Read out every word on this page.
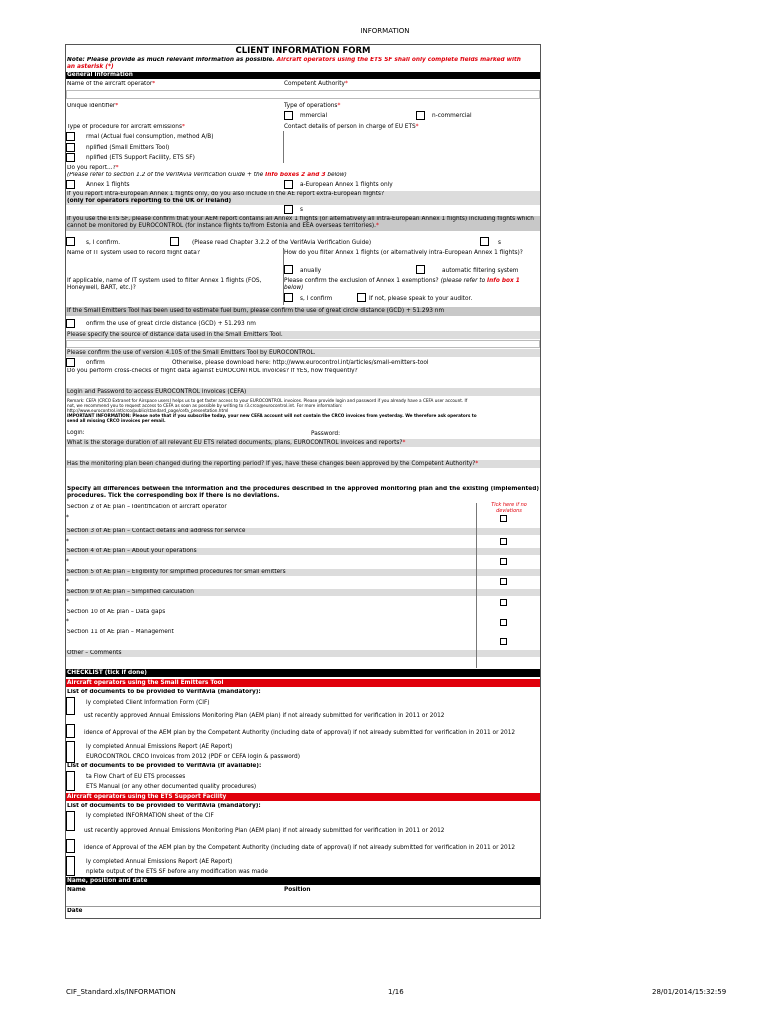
INFORMATION
CLIENT INFORMATION FORM
Note: Please provide as much relevant information as possible. Aircraft operators using the ETS SF shall only complete fields marked with
an asterisk (*)
General information
Name of the aircraft operator*	Competent Authority*
Unique identifier*	Type of operations*
mmercial	n-commercial
Type of procedure for aircraft emissions*	Contact details of person in charge of EU ETS*
rmal (Actual fuel consumption, method A/B)
nplified (Small Emitters Tool)
nplified (ETS Support Facility, ETS SF)
Do you report...?*
(Please refer to section 1.2 of the VerifAvia Verification Guide + the Info boxes 2 and 3 below)
Annex 1 flights	a-European Annex 1 flights only
If you report intra-European Annex 1 flights only, do you also include in the AE report extra-European flights?
(only for operators reporting to the UK or Ireland)
s
If you use the ETS SF, please confirm that your AEM report contains all Annex 1 flights (or alternatively all intra-European Annex 1 flights) including flights which cannot be monitored by EUROCONTROL (for instance flights to/from Estonia and EEA overseas territories).*
s, I confirm.	(Please read Chapter 3.2.2 of the VerifAvia Verification Guide)	s
Name of IT system used to record flight data?	How do you filter Annex 1 flights (or alternatively intra-European Annex 1 flights)?
anually	automatic filtering system
If applicable, name of IT system used to filter Annex 1 flights (FOS, Honeywell, BART, etc.)?
Please confirm the exclusion of Annex 1 exemptions? (please refer to Info box 1
below)
s, I confirm	If not, please speak to your auditor.
If the Small Emitters Tool has been used to estimate fuel burn, please confirm the use of great circle distance (GCD) + 51.293 nm
onfirm the use of great circle distance (GCD) + 51.293 nm
Please specify the source of distance data used in the Small Emitters Tool.
Please confirm the use of version 4.105 of the Small Emitters Tool by EUROCONTROL.
onfirm	Otherwise, please download here: http://www.eurocontrol.int/articles/small-emitters-tool
Do you perform cross-checks of flight data against EUROCONTROL invoices? If YES, how frequently?
Login and Password to access EUROCONTROL invoices (CEFA)
Remark: CEFA (CRCO Extranet for Airspace users) helps us to get faster access to your EUROCONTROL invoices. Please provide login and password if you already have a CEFA user account. If
not, we recommend you to request access to CEFA as soon as possible by writing to r3.crco@eurocontrol.int. For more information:
http://www.eurocontrol.int/crco/public/standard_page/cefa_presentation.html
IMPORTANT INFORMATION: Please note that if you subscribe today, your new CEFA account will not contain the CRCO invoices from yesterday. We therefore ask operators to
send all missing CRCO invoices per email.
Login:	Password:
What is the storage duration of all relevant EU ETS related documents, plans, EUROCONTROL invoices and reports?*
Has the monitoring plan been changed during the reporting period? If yes, have these changes been approved by the Competent Authority?*
Specify all differences between the information and the procedures described in the approved monitoring plan and the existing (implemented) procedures. Tick the corresponding box if there is no deviations.
Tick here if no
deviations
Section 2 of AE plan – Identification of aircraft operator
*
Section 3 of AE plan – Contact details and address for service
*
Section 4 of AE plan – About your operations
*
Section 5 of AE plan – Eligibility for simplified procedures for small emitters
*
Section 9 of AE plan – Simplified calculation
*
Section 10 of AE plan – Data gaps
*
Section 11 of AE plan – Management
Other – Comments
CHECKLIST (tick if done)
Aircraft operators using the Small Emitters Tool
List of documents to be provided to VerifAvia (mandatory):
ly completed Client Information Form (CIF)
ust recently approved Annual Emissions Monitoring Plan (AEM plan) if not already submitted for verification in 2011 or 2012
idence of Approval of the AEM plan by the Competent Authority (including date of approval) if not already submitted for verification in 2011 or 2012
ly completed Annual Emissions Report (AE Report)
EUROCONTROL CRCO Invoices from 2012 (PDF or CEFA login & password)
List of documents to be provided to VerifAvia (if available):
ta Flow Chart of EU ETS processes
ETS Manual (or any other documented quality procedures)
Aircraft operators using the ETS Support Facility
List of documents to be provided to VerifAvia (mandatory):
ly completed INFORMATION sheet of the CIF
ust recently approved Annual Emissions Monitoring Plan (AEM plan) if not already submitted for verification in 2011 or 2012
idence of Approval of the AEM plan by the Competent Authority (including date of approval) if not already submitted for verification in 2011 or 2012
ly completed Annual Emissions Report (AE Report)
nplete output of the ETS SF before any modification was made
Name, position and date
Name	Position
Date
CIF_Standard.xls/INFORMATION	1/16	28/01/2014/15:32:59
